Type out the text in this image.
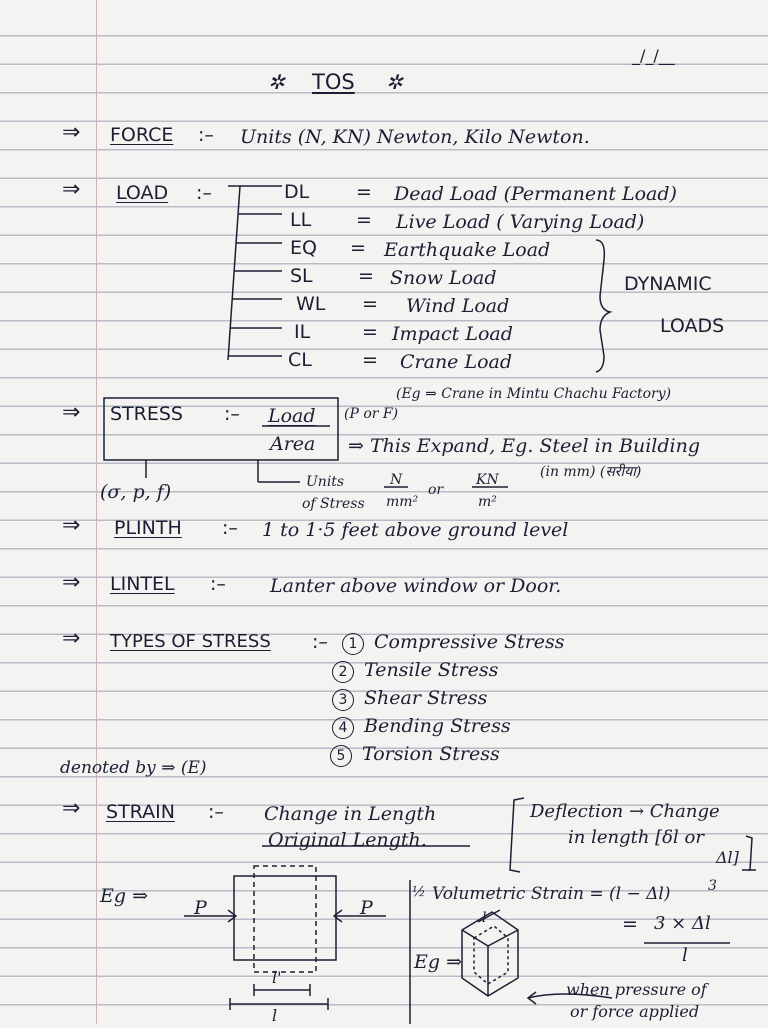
_/_/__
✲ TOS ✲
⇒ FORCE :– Units (N, KN) Newton, Kilo Newton.
⇒ LOAD :–	DL = Dead Load (Permanent Load)
LL = Live Load ( Varying Load)
EQ = Earthquake Load
SL = Snow Load
WL = Wind Load
IL	= Impact Load
CL	= Crane Load
DYNAMIC
LOADS
(Eg ⇒ Crane in Mintu Chachu Factory)
⇒ STRESS :– Load
Area
(P or F)
⇒ This Expand, Eg. Steel in Building
(in mm) (सरीया)
(σ, p, f)	Units
of Stress
N
mm²
or
KN
m²
⇒ PLINTH :– 1 to 1·5 feet above ground level
⇒ LINTEL :– Lanter above window or Door.
⇒ TYPES OF STRESS :–	1 Compressive Stress
2 Tensile Stress
3 Shear Stress
4 Bending Stress
5 Torsion Stress
denoted by ⇒ (E)
⇒ STRAIN :– Change in Length
Original Length.
Deflection → Change
in length [δl or
Δl]
Eg ⇒
P	P
l'
l
½ Volumetric Strain = (l − Δl)	3
= 3 × Δl
l
Eg ⇒
l
when pressure of
or force applied
